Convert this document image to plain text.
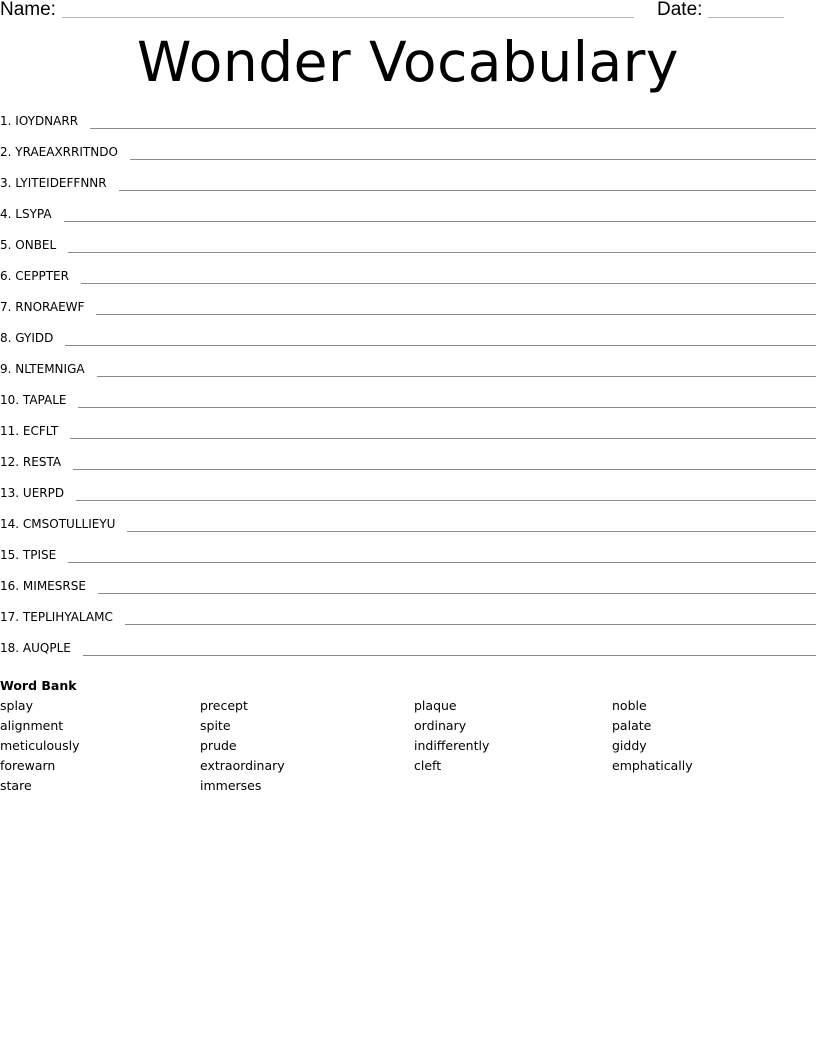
Name:	Date:
Wonder Vocabulary
1. IOYDNARR
2. YRAEAXRRITNDO
3. LYITEIDEFFNNR
4. LSYPA
5. ONBEL
6. CEPPTER
7. RNORAEWF
8. GYIDD
9. NLTEMNIGA
10. TAPALE
11. ECFLT
12. RESTA
13. UERPD
14. CMSOTULLIEYU
15. TPISE
16. MIMESRSE
17. TEPLIHYALAMC
18. AUQPLE
Word Bank
splay
alignment
meticulously
forewarn
stare
precept
spite
prude
extraordinary
immerses
plaque
ordinary
indifferently
cleft
noble
palate
giddy
emphatically
